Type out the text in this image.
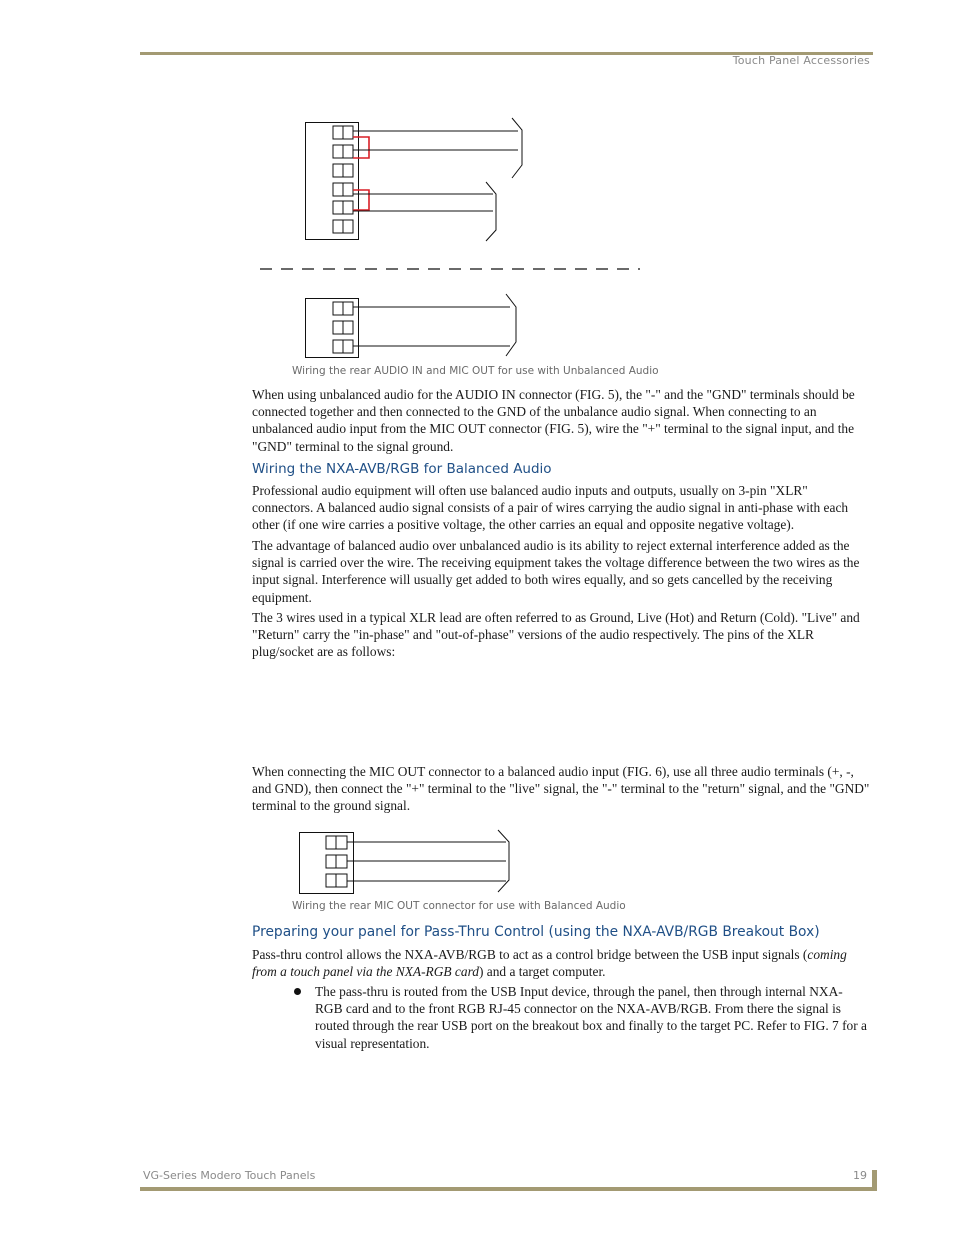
Touch Panel Accessories
Wiring the rear AUDIO IN and MIC OUT for use with Unbalanced Audio
When using unbalanced audio for the AUDIO IN connector (FIG. 5), the "-" and the "GND" terminals should be connected together and then connected to the GND of the unbalance audio signal. When connecting to an unbalanced audio input from the MIC OUT connector (FIG. 5), wire the "+" terminal to the signal input, and the "GND" terminal to the signal ground.
Wiring the NXA-AVB/RGB for Balanced Audio
Professional audio equipment will often use balanced audio inputs and outputs, usually on 3-pin "XLR" connectors. A balanced audio signal consists of a pair of wires carrying the audio signal in anti-phase with each other (if one wire carries a positive voltage, the other carries an equal and opposite negative voltage).
The advantage of balanced audio over unbalanced audio is its ability to reject external interference added as the signal is carried over the wire. The receiving equipment takes the voltage difference between the two wires as the input signal. Interference will usually get added to both wires equally, and so gets cancelled by the receiving equipment.
The 3 wires used in a typical XLR lead are often referred to as Ground, Live (Hot) and Return (Cold). "Live" and "Return" carry the "in-phase" and "out-of-phase" versions of the audio respectively. The pins of the XLR plug/socket are as follows:
When connecting the MIC OUT connector to a balanced audio input (FIG. 6), use all three audio terminals (+, -, and GND), then connect the "+" terminal to the "live" signal, the "-" terminal to the "return" signal, and the "GND" terminal to the ground signal.
Wiring the rear MIC OUT connector for use with Balanced Audio
Preparing your panel for Pass-Thru Control (using the NXA-AVB/RGB Breakout Box)
Pass-thru control allows the NXA-AVB/RGB to act as a control bridge between the USB input signals (coming from a touch panel via the NXA-RGB card) and a target computer.
The pass-thru is routed from the USB Input device, through the panel, then through internal NXA-RGB card and to the front RGB RJ-45 connector on the NXA-AVB/RGB. From there the signal is routed through the rear USB port on the breakout box and finally to the target PC. Refer to FIG. 7 for a visual representation.
VG-Series Modero Touch Panels	19
